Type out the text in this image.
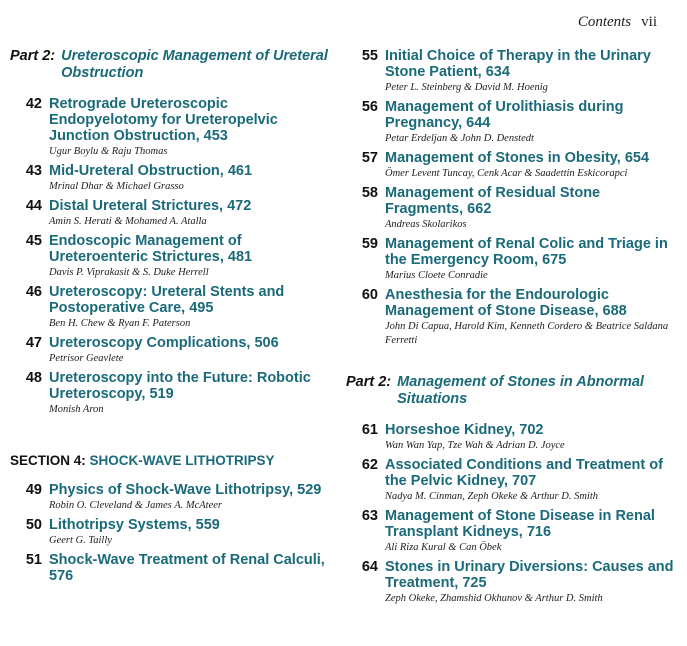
Contents vii
Part 2: Ureteroscopic Management of Ureteral Obstruction
42 Retrograde Ureteroscopic Endopyelotomy for Ureteropelvic Junction Obstruction, 453
Ugur Boylu & Raju Thomas
43 Mid-Ureteral Obstruction, 461
Mrinal Dhar & Michael Grasso
44 Distal Ureteral Strictures, 472
Amin S. Herati & Mohamed A. Atalla
45 Endoscopic Management of Ureteroenteric Strictures, 481
Davis P. Viprakasit & S. Duke Herrell
46 Ureteroscopy: Ureteral Stents and Postoperative Care, 495
Ben H. Chew & Ryan F. Paterson
47 Ureteroscopy Complications, 506
Petrisor Geavlete
48 Ureteroscopy into the Future: Robotic Ureteroscopy, 519
Monish Aron
SECTION 4: SHOCK-WAVE LITHOTRIPSY
49 Physics of Shock-Wave Lithotripsy, 529
Robin O. Cleveland & James A. McAteer
50 Lithotripsy Systems, 559
Geert G. Tailly
51 Shock-Wave Treatment of Renal Calculi, 576
55 Initial Choice of Therapy in the Urinary Stone Patient, 634
Peter L. Steinberg & David M. Hoenig
56 Management of Urolithiasis during Pregnancy, 644
Petar Erdeljan & John D. Denstedt
57 Management of Stones in Obesity, 654
Ömer Levent Tuncay, Cenk Acar & Saadettin Eskicorapci
58 Management of Residual Stone Fragments, 662
Andreas Skolarikos
59 Management of Renal Colic and Triage in the Emergency Room, 675
Marius Cloete Conradie
60 Anesthesia for the Endourologic Management of Stone Disease, 688
John Di Capua, Harold Kim, Kenneth Cordero & Beatrice Saldana Ferretti
Part 2: Management of Stones in Abnormal Situations
61 Horseshoe Kidney, 702
Wan Wan Yap, Tze Wah & Adrian D. Joyce
62 Associated Conditions and Treatment of the Pelvic Kidney, 707
Nadya M. Cinman, Zeph Okeke & Arthur D. Smith
63 Management of Stone Disease in Renal Transplant Kidneys, 716
Ali Riza Kural & Can Öbek
64 Stones in Urinary Diversions: Causes and Treatment, 725
Zeph Okeke, Zhamshid Okhunov & Arthur D. Smith
